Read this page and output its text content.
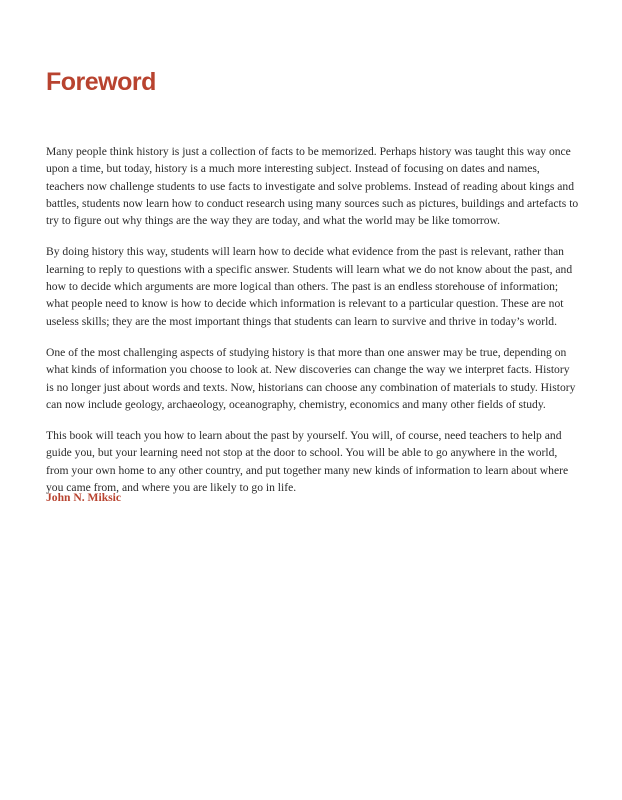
Foreword

Many people think history is just a collection of facts to be memorized. Perhaps history was taught this way once upon a time, but today, history is a much more interesting subject. Instead of focusing on dates and names, teachers now challenge students to use facts to investigate and solve problems. Instead of reading about kings and battles, students now learn how to conduct research using many sources such as pictures, buildings and artefacts to try to figure out why things are the way they are today, and what the world may be like tomorrow.

By doing history this way, students will learn how to decide what evidence from the past is relevant, rather than learning to reply to questions with a specific answer. Students will learn what we do not know about the past, and how to decide which arguments are more logical than others. The past is an endless storehouse of information; what people need to know is how to decide which information is relevant to a particular question. These are not useless skills; they are the most important things that students can learn to survive and thrive in today’s world.

One of the most challenging aspects of studying history is that more than one answer may be true, depending on what kinds of information you choose to look at. New discoveries can change the way we interpret facts. History is no longer just about words and texts. Now, historians can choose any combination of materials to study. History can now include geology, archaeology, oceanography, chemistry, economics and many other fields of study.

This book will teach you how to learn about the past by yourself. You will, of course, need teachers to help and guide you, but your learning need not stop at the door to school. You will be able to go anywhere in the world, from your own home to any other country, and put together many new kinds of information to learn about where you came from, and where you are likely to go in life.

John N. Miksic
